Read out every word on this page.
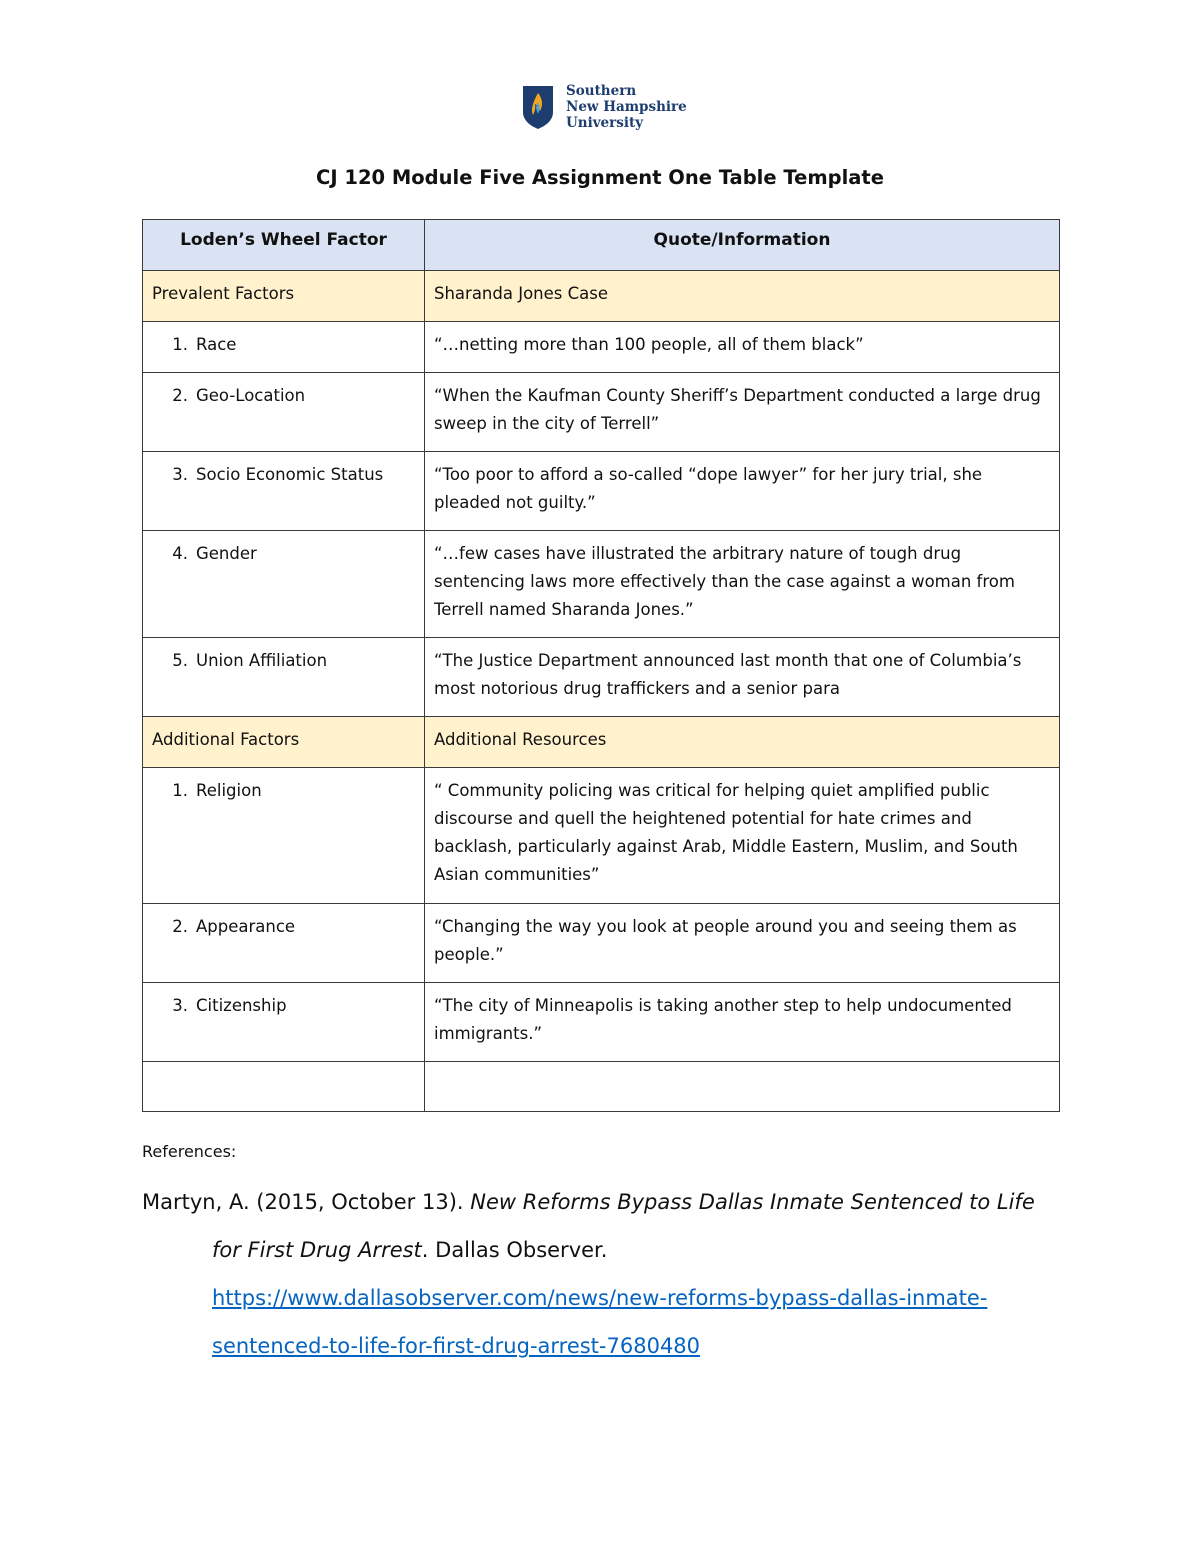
Southern
New Hampshire
University
CJ 120 Module Five Assignment One Table Template
Loden’s Wheel Factor	Quote/Information
Prevalent Factors	Sharanda Jones Case
1. Race	“…netting more than 100 people, all of them black”
2. Geo-Location	“When the Kaufman County Sheriff’s Department conducted a large drug sweep in the city of Terrell”
3. Socio Economic Status	“Too poor to afford a so-called “dope lawyer” for her jury trial, she pleaded not guilty.”
4. Gender	“…few cases have illustrated the arbitrary nature of tough drug sentencing laws more effectively than the case against a woman from Terrell named Sharanda Jones.”
5. Union Affiliation	“The Justice Department announced last month that one of Columbia’s most notorious drug traffickers and a senior para
Additional Factors	Additional Resources
1. Religion	“ Community policing was critical for helping quiet amplified public discourse and quell the heightened potential for hate crimes and backlash, particularly against Arab, Middle Eastern, Muslim, and South Asian communities”
2. Appearance	“Changing the way you look at people around you and seeing them as people.”
3. Citizenship	“The city of Minneapolis is taking another step to help undocumented immigrants.”

References:
Martyn, A. (2015, October 13). New Reforms Bypass Dallas Inmate Sentenced to Life
for First Drug Arrest. Dallas Observer.
https://www.dallasobserver.com/news/new-reforms-bypass-dallas-inmate-
sentenced-to-life-for-first-drug-arrest-7680480
